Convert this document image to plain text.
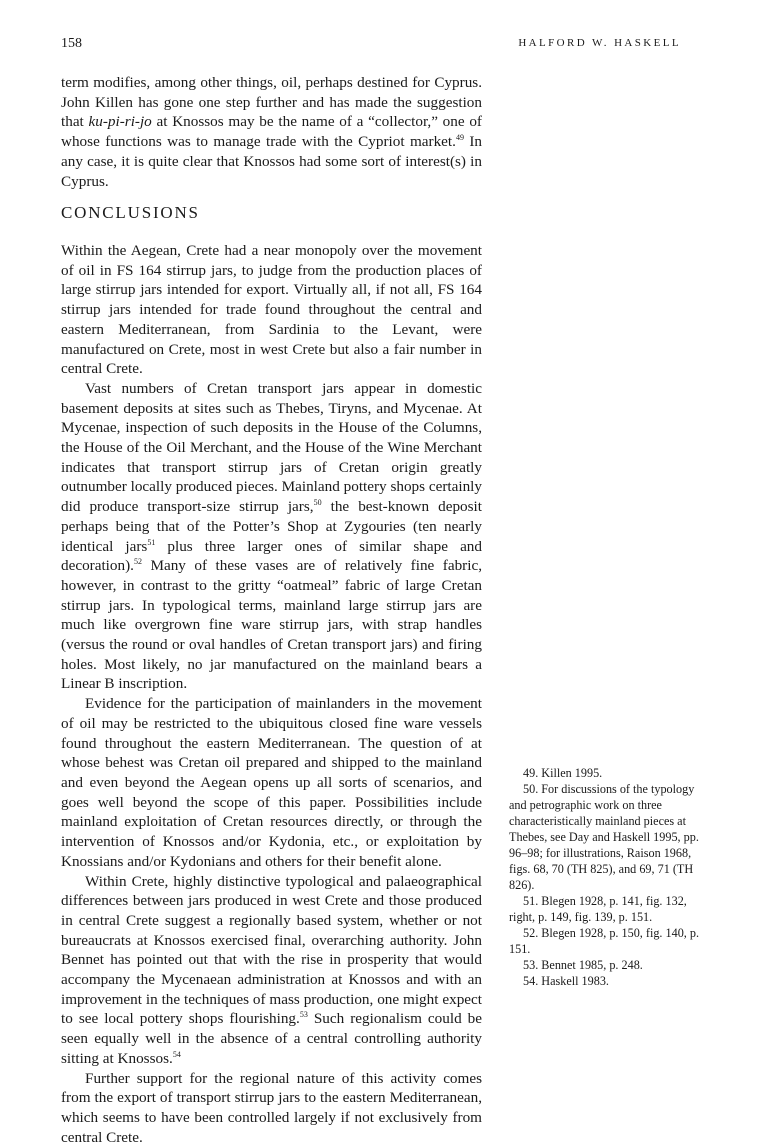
158	HALFORD W. HASKELL

term modifies, among other things, oil, perhaps destined for Cyprus. John Killen has gone one step further and has made the suggestion that ku-pi-ri-jo at Knossos may be the name of a “collector,” one of whose functions was to manage trade with the Cypriot market.$^{49}$ In any case, it is quite clear that Knossos had some sort of interest(s) in Cyprus.

CONCLUSIONS

Within the Aegean, Crete had a near monopoly over the movement of oil in FS 164 stirrup jars, to judge from the production places of large stirrup jars intended for export. Virtually all, if not all, FS 164 stirrup jars intended for trade found throughout the central and eastern Mediterranean, from Sardinia to the Levant, were manufactured on Crete, most in west Crete but also a fair number in central Crete.

Vast numbers of Cretan transport jars appear in domestic basement deposits at sites such as Thebes, Tiryns, and Mycenae. At Mycenae, inspection of such deposits in the House of the Columns, the House of the Oil Merchant, and the House of the Wine Merchant indicates that transport stirrup jars of Cretan origin greatly outnumber locally produced pieces. Mainland pottery shops certainly did produce transport-size stirrup jars,$^{50}$ the best-known deposit perhaps being that of the Potter’s Shop at Zygouries (ten nearly identical jars$^{51}$ plus three larger ones of similar shape and decoration).$^{52}$ Many of these vases are of relatively fine fabric, however, in contrast to the gritty “oatmeal” fabric of large Cretan stirrup jars. In typological terms, mainland large stirrup jars are much like overgrown fine ware stirrup jars, with strap handles (versus the round or oval handles of Cretan transport jars) and firing holes. Most likely, no jar manufactured on the mainland bears a Linear B inscription.

Evidence for the participation of mainlanders in the movement of oil may be restricted to the ubiquitous closed fine ware vessels found throughout the eastern Mediterranean. The question of at whose behest was Cretan oil prepared and shipped to the mainland and even beyond the Aegean opens up all sorts of scenarios, and goes well beyond the scope of this paper. Possibilities include mainland exploitation of Cretan resources directly, or through the intervention of Knossos and/or Kydonia, etc., or exploitation by Knossians and/or Kydonians and others for their benefit alone.

Within Crete, highly distinctive typological and palaeographical differences between jars produced in west Crete and those produced in central Crete suggest a regionally based system, whether or not bureaucrats at Knossos exercised final, overarching authority. John Bennet has pointed out that with the rise in prosperity that would accompany the Mycenaean administration at Knossos and with an improvement in the techniques of mass production, one might expect to see local pottery shops flourishing.$^{53}$ Such regionalism could be seen equally well in the absence of a central controlling authority sitting at Knossos.$^{54}$

Further support for the regional nature of this activity comes from the export of transport stirrup jars to the eastern Mediterranean, which seems to have been controlled largely if not exclusively from central Crete.

49. Killen 1995.

50. For discussions of the typology and petrographic work on three characteristically mainland pieces at Thebes, see Day and Haskell 1995, pp. 96–98; for illustrations, Raison 1968, figs. 68, 70 (TH 825), and 69, 71 (TH 826).

51. Blegen 1928, p. 141, fig. 132, right, p. 149, fig. 139, p. 151.

52. Blegen 1928, p. 150, fig. 140, p. 151.

53. Bennet 1985, p. 248.

54. Haskell 1983.
